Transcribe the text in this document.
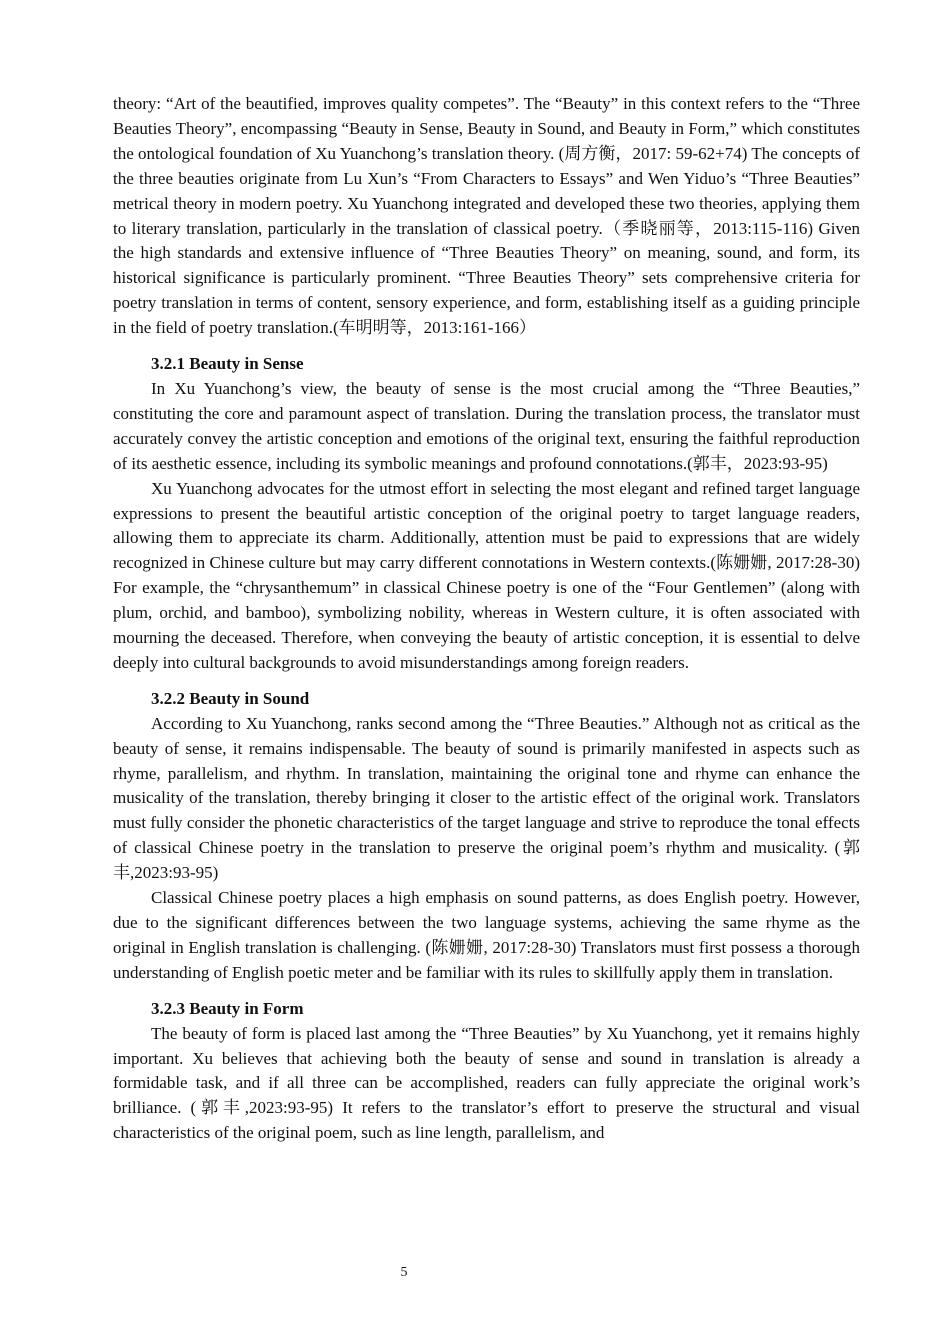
theory: “Art of the beautified, improves quality competes”. The “Beauty” in this context refers to the “Three Beauties Theory”, encompassing “Beauty in Sense, Beauty in Sound, and Beauty in Form,” which constitutes the ontological foundation of Xu Yuanchong’s translation theory. (周方衡，2017: 59-62+74) The concepts of the three beauties originate from Lu Xun’s “From Characters to Essays” and Wen Yiduo’s “Three Beauties” metrical theory in modern poetry. Xu Yuanchong integrated and developed these two theories, applying them to literary translation, particularly in the translation of classical poetry.（季晓丽等，2013:115-116) Given the high standards and extensive influence of “Three Beauties Theory” on meaning, sound, and form, its historical significance is particularly prominent. “Three Beauties Theory” sets comprehensive criteria for poetry translation in terms of content, sensory experience, and form, establishing itself as a guiding principle in the field of poetry translation.(车明明等，2013:161-166）

3.2.1 Beauty in Sense

In Xu Yuanchong’s view, the beauty of sense is the most crucial among the “Three Beauties,” constituting the core and paramount aspect of translation. During the translation process, the translator must accurately convey the artistic conception and emotions of the original text, ensuring the faithful reproduction of its aesthetic essence, including its symbolic meanings and profound connotations.(郭丰，2023:93-95)

Xu Yuanchong advocates for the utmost effort in selecting the most elegant and refined target language expressions to present the beautiful artistic conception of the original poetry to target language readers, allowing them to appreciate its charm. Additionally, attention must be paid to expressions that are widely recognized in Chinese culture but may carry different connotations in Western contexts.(陈姗姗, 2017:28-30) For example, the “chrysanthemum” in classical Chinese poetry is one of the “Four Gentlemen” (along with plum, orchid, and bamboo), symbolizing nobility, whereas in Western culture, it is often associated with mourning the deceased. Therefore, when conveying the beauty of artistic conception, it is essential to delve deeply into cultural backgrounds to avoid misunderstandings among foreign readers.

3.2.2 Beauty in Sound

According to Xu Yuanchong, ranks second among the “Three Beauties.” Although not as critical as the beauty of sense, it remains indispensable. The beauty of sound is primarily manifested in aspects such as rhyme, parallelism, and rhythm. In translation, maintaining the original tone and rhyme can enhance the musicality of the translation, thereby bringing it closer to the artistic effect of the original work. Translators must fully consider the phonetic characteristics of the target language and strive to reproduce the tonal effects of classical Chinese poetry in the translation to preserve the original poem’s rhythm and musicality. (郭丰,2023:93-95)

Classical Chinese poetry places a high emphasis on sound patterns, as does English poetry. However, due to the significant differences between the two language systems, achieving the same rhyme as the original in English translation is challenging. (陈姗姗, 2017:28-30) Translators must first possess a thorough understanding of English poetic meter and be familiar with its rules to skillfully apply them in translation.

3.2.3 Beauty in Form

The beauty of form is placed last among the “Three Beauties” by Xu Yuanchong, yet it remains highly important. Xu believes that achieving both the beauty of sense and sound in translation is already a formidable task, and if all three can be accomplished, readers can fully appreciate the original work’s brilliance. (郭丰,2023:93-95) It refers to the translator’s effort to preserve the structural and visual characteristics of the original poem, such as line length, parallelism, and

5
